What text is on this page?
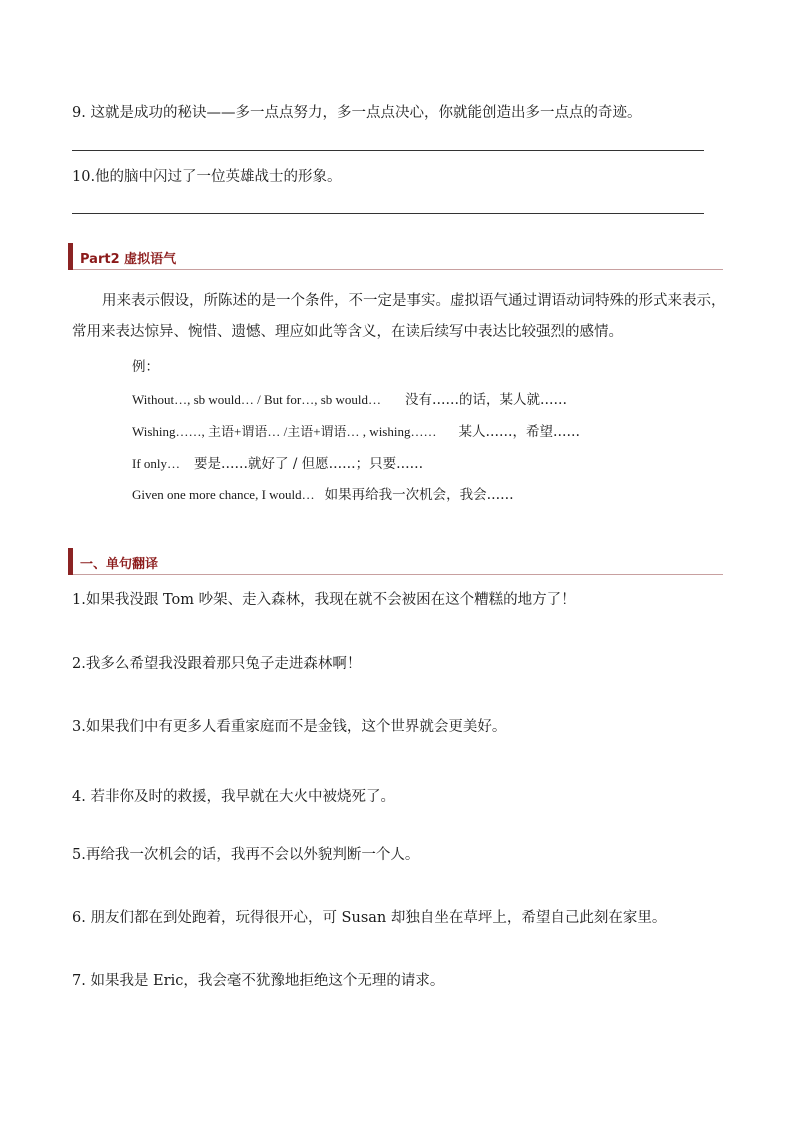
9. 这就是成功的秘诀——多一点点努力，多一点点决心，你就能创造出多一点点的奇迹。
10.他的脑中闪过了一位英雄战士的形象。
Part2 虚拟语气
用来表示假设，所陈述的是一个条件，不一定是事实。虚拟语气通过谓语动词特殊的形式来表示，常用来表达惊异、惋惜、遗憾、理应如此等含义，在读后续写中表达比较强烈的感情。
例：
Without…, sb would… / But for…, sb would… 没有……的话，某人就……
Wishing……, 主语+谓语… /主语+谓语… , wishing…… 某人……，希望……
If only… 要是……就好了 / 但愿……；只要……
Given one more chance, I would… 如果再给我一次机会，我会……
一、单句翻译
1.如果我没跟 Tom 吵架、走入森林，我现在就不会被困在这个糟糕的地方了！
2.我多么希望我没跟着那只兔子走进森林啊！
3.如果我们中有更多人看重家庭而不是金钱，这个世界就会更美好。
4. 若非你及时的救援，我早就在大火中被烧死了。
5.再给我一次机会的话，我再不会以外貌判断一个人。
6. 朋友们都在到处跑着，玩得很开心，可 Susan 却独自坐在草坪上，希望自己此刻在家里。
7. 如果我是 Eric，我会毫不犹豫地拒绝这个无理的请求。
